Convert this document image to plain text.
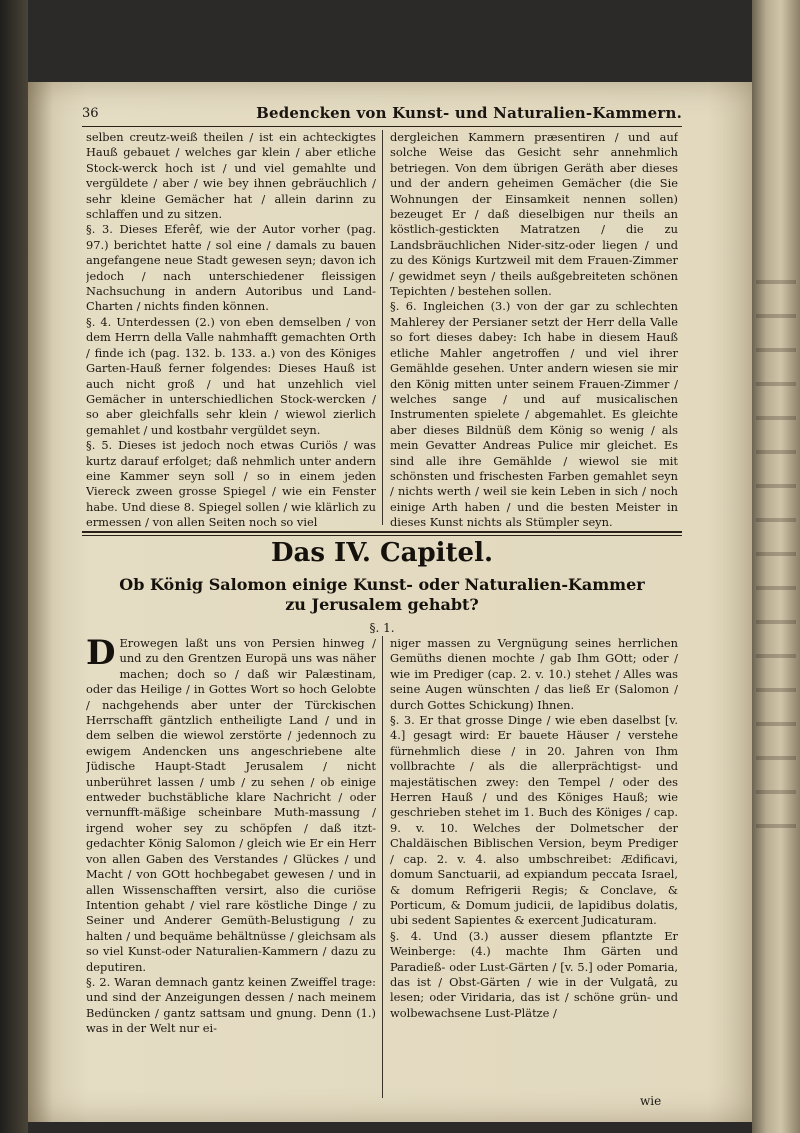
36	Bedencken von Kunst- und Naturalien-Kammern.

selben creutz-weiß theilen / ist ein achteckigtes Hauß gebauet / welches gar klein / aber etliche Stock-werck hoch ist / und viel gemahlte und vergüldete / aber / wie bey ihnen gebräuchlich / sehr kleine Gemächer hat / allein darinn zu schlaffen und zu sitzen.

§. 3. Dieses Eferêf, wie der Autor vorher (pag. 97.) berichtet hatte / sol eine / damals zu bauen angefangene neue Stadt gewesen seyn; davon ich jedoch / nach unterschiedener fleissigen Nachsuchung in andern Autoribus und Land-Charten / nichts finden können.

§. 4. Unterdessen (2.) von eben demselben / von dem Herrn della Valle nahmhafft gemachten Orth / finde ich (pag. 132. b. 133. a.) von des Königes Garten-Hauß ferner folgendes: Dieses Hauß ist auch nicht groß / und hat unzehlich viel Gemächer in unterschiedlichen Stock-wercken / so aber gleichfalls sehr klein / wiewol zierlich gemahlet / und kostbahr vergüldet seyn.

§. 5. Dieses ist jedoch noch etwas Curiös / was kurtz darauf erfolget; daß nehmlich unter andern eine Kammer seyn soll / so in einem jeden Viereck zween grosse Spiegel / wie ein Fenster habe. Und diese 8. Spiegel sollen / wie klärlich zu ermessen / von allen Seiten noch so viel

dergleichen Kammern præsentiren / und auf solche Weise das Gesicht sehr annehmlich betriegen. Von dem übrigen Geräth aber dieses und der andern geheimen Gemächer (die Sie Wohnungen der Einsamkeit nennen sollen) bezeuget Er / daß dieselbigen nur theils an köstlich-gestickten Matratzen / die zu Landsbräuchlichen Nider-sitz-oder liegen / und zu des Königs Kurtzweil mit dem Frauen-Zimmer / gewidmet seyn / theils außgebreiteten schönen Tepichten / bestehen sollen.

§. 6. Ingleichen (3.) von der gar zu schlechten Mahlerey der Persianer setzt der Herr della Valle so fort dieses dabey: Ich habe in diesem Hauß etliche Mahler angetroffen / und viel ihrer Gemählde gesehen. Unter andern wiesen sie mir den König mitten unter seinem Frauen-Zimmer / welches sange / und auf musicalischen Instrumenten spielete / abgemahlet. Es gleichte aber dieses Bildnüß dem König so wenig / als mein Gevatter Andreas Pulice mir gleichet. Es sind alle ihre Gemählde / wiewol sie mit schönsten und frischesten Farben gemahlet seyn / nichts werth / weil sie kein Leben in sich / noch einige Arth haben / und die besten Meister in dieses Kunst nichts als Stümpler seyn.

Das IV. Capitel.
Ob König Salomon einige Kunst- oder Naturalien-Kammer
zu Jerusalem gehabt?
§. 1.

D Erowegen laßt uns von Persien hinweg / und zu den Grentzen Europä uns was näher machen; doch so / daß wir Palæstinam, oder das Heilige / in Gottes Wort so hoch Gelobte / nachgehends aber unter der Türckischen Herrschafft gäntzlich entheiligte Land / und in dem selben die wiewol zerstörte / jedennoch zu ewigem Andencken uns angeschriebene alte Jüdische Haupt-Stadt Jerusalem / nicht unberühret lassen / umb / zu sehen / ob einige entweder buchstäbliche klare Nachricht / oder vernunfft-mäßige scheinbare Muth-massung / irgend woher sey zu schöpfen / daß itzt-gedachter König Salomon / gleich wie Er ein Herr von allen Gaben des Verstandes / Glückes / und Macht / von GOtt hochbegabet gewesen / und in allen Wissenschafften versirt, also die curiöse Intention gehabt / viel rare köstliche Dinge / zu Seiner und Anderer Gemüth-Belustigung / zu halten / und bequäme behältnüsse / gleichsam als so viel Kunst-oder Naturalien-Kammern / dazu zu deputiren.

§. 2. Waran demnach gantz keinen Zweiffel trage: und sind der Anzeigungen dessen / nach meinem Bedüncken / gantz sattsam und gnung. Denn (1.) was in der Welt nur ei-

niger massen zu Vergnügung seines herrlichen Gemüths dienen mochte / gab Ihm GOtt; oder / wie im Prediger (cap. 2. v. 10.) stehet / Alles was seine Augen wünschten / das ließ Er (Salomon / durch Gottes Schickung) Ihnen.

§. 3. Er that grosse Dinge / wie eben daselbst [v. 4.] gesagt wird: Er bauete Häuser / verstehe fürnehmlich diese / in 20. Jahren von Ihm vollbrachte / als die allerprächtigst- und majestätischen zwey: den Tempel / oder des Herren Hauß / und des Königes Hauß; wie geschrieben stehet im 1. Buch des Königes / cap. 9. v. 10. Welches der Dolmetscher der Chaldäischen Biblischen Version, beym Prediger / cap. 2. v. 4. also umbschreibet: Ædificavi, domum Sanctuarii, ad expiandum peccata Israel, & domum Refrigerii Regis; & Conclave, & Porticum, & Domum judicii, de lapidibus dolatis, ubi sedent Sapientes & exercent Judicaturam.

§. 4. Und (3.) ausser diesem pflantzte Er Weinberge: (4.) machte Ihm Gärten und Paradieß- oder Lust-Gärten / [v. 5.] oder Pomaria, das ist / Obst-Gärten / wie in der Vulgatâ, zu lesen; oder Viridaria, das ist / schöne grün- und wolbewachsene Lust-Plätze /

wie
